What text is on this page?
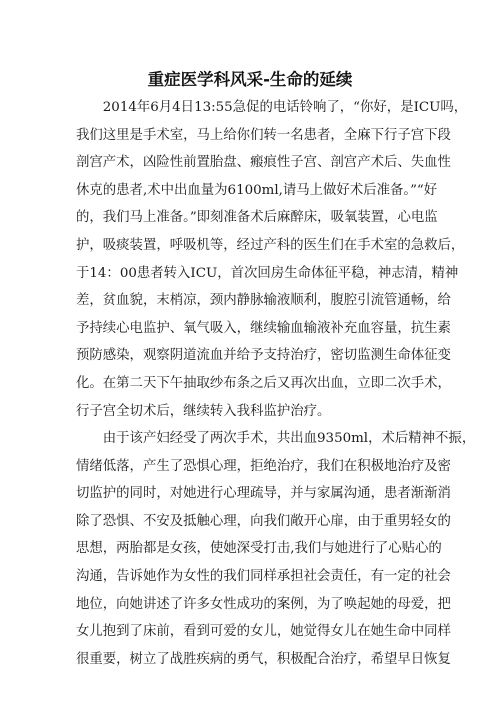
重症医学科风采-生命的延续
　　2014年6月4日13:55急促的电话铃响了，“你好，是ICU吗，
我们这里是手术室，马上给你们转一名患者，全麻下行子宫下段
剖宫产术，凶险性前置胎盘、瘢痕性子宫、剖宫产术后、失血性
休克的患者,术中出血量为6100ml,请马上做好术后准备。”“好
的，我们马上准备。”即刻准备术后麻醉床，吸氧装置，心电监
护，吸痰装置，呼吸机等，经过产科的医生们在手术室的急救后，
于14：00患者转入ICU，首次回房生命体征平稳，神志清，精神
差，贫血貌，末梢凉，颈内静脉输液顺利，腹腔引流管通畅，给
予持续心电监护、氧气吸入，继续输血输液补充血容量，抗生素
预防感染，观察阴道流血并给予支持治疗，密切监测生命体征变
化。在第二天下午抽取纱布条之后又再次出血，立即二次手术，
行子宫全切术后，继续转入我科监护治疗。
　　由于该产妇经受了两次手术，共出血9350ml，术后精神不振，
情绪低落，产生了恐惧心理，拒绝治疗，我们在积极地治疗及密
切监护的同时，对她进行心理疏导，并与家属沟通，患者渐渐消
除了恐惧、不安及抵触心理，向我们敞开心扉，由于重男轻女的
思想，两胎都是女孩，使她深受打击,我们与她进行了心贴心的
沟通，告诉她作为女性的我们同样承担社会责任，有一定的社会
地位，向她讲述了许多女性成功的案例，为了唤起她的母爱，把
女儿抱到了床前，看到可爱的女儿，她觉得女儿在她生命中同样
很重要，树立了战胜疾病的勇气，积极配合治疗，希望早日恢复
